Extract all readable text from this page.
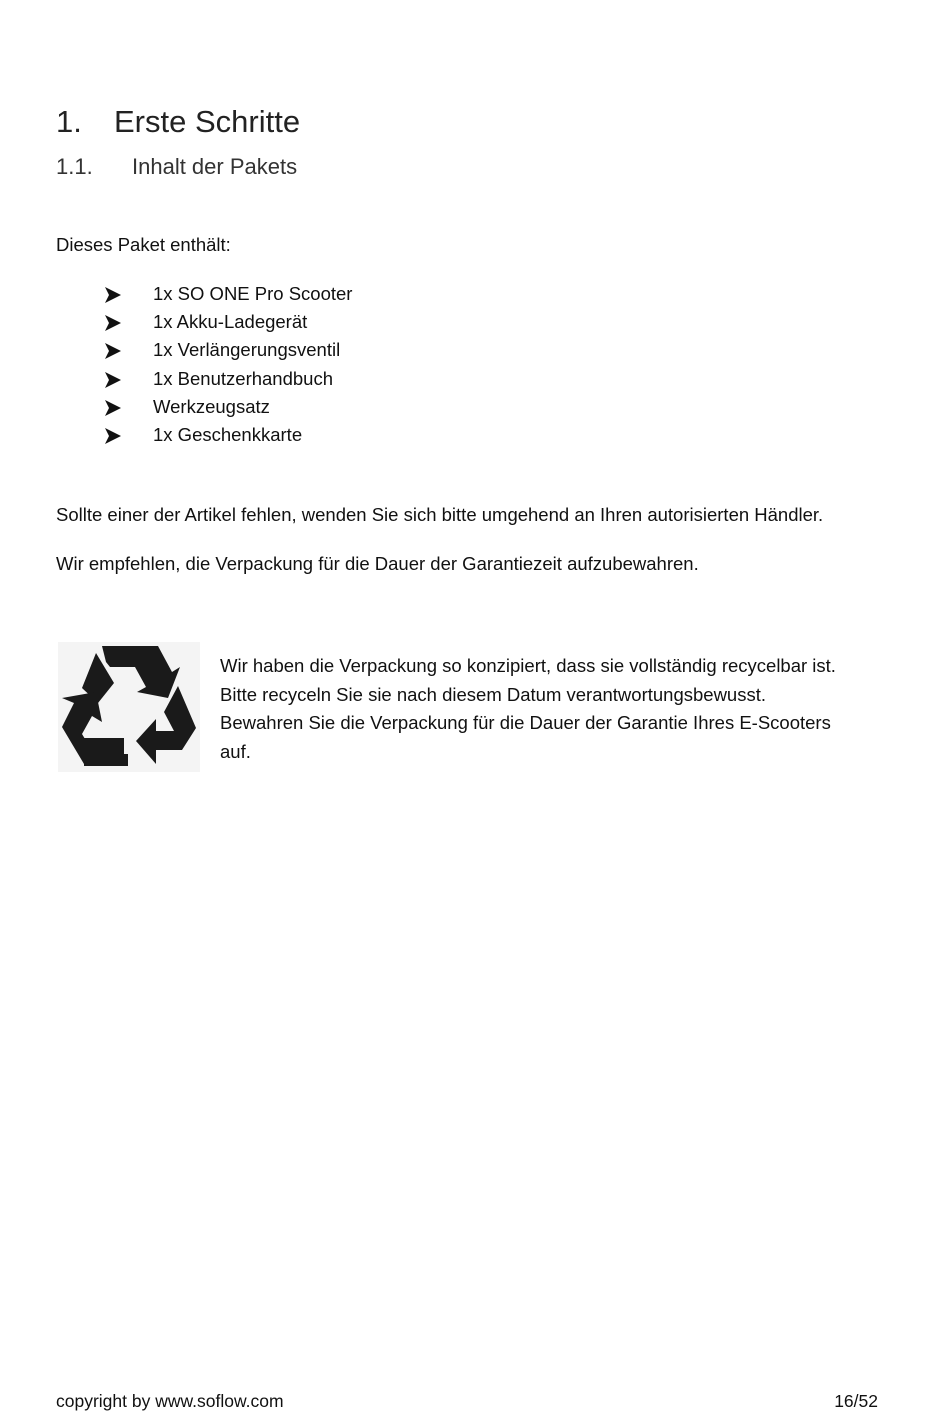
1. Erste Schritte
1.1. Inhalt der Pakets
Dieses Paket enthält:
1x SO ONE Pro Scooter
1x Akku-Ladegerät
1x Verlängerungsventil
1x Benutzerhandbuch
Werkzeugsatz
1x Geschenkkarte
Sollte einer der Artikel fehlen, wenden Sie sich bitte umgehend an Ihren autorisierten Händler.
Wir empfehlen, die Verpackung für die Dauer der Garantiezeit aufzubewahren.
Wir haben die Verpackung so konzipiert, dass sie vollständig recycelbar ist.
Bitte recyceln Sie sie nach diesem Datum verantwortungsbewusst.
Bewahren Sie die Verpackung für die Dauer der Garantie Ihres E-Scooters
auf.
copyright by www.soflow.com	16/52
